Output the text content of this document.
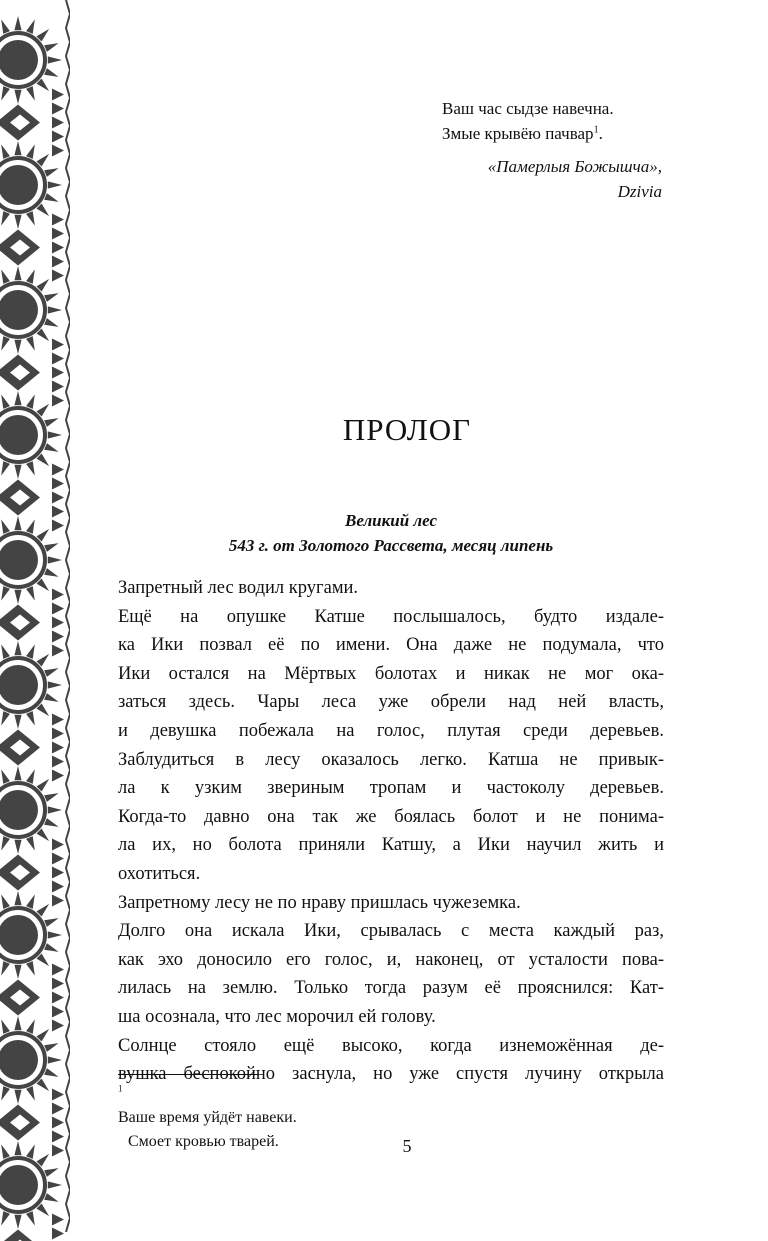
Ваш час сыдзе навечна.
Змые крывёю пачвар$^1$.
«Памерлыя Божышча»,
Dzivia
ПРОЛОГ
Великий лес
543 г. от Золотого Рассвета, месяц липень

Запретный лес водил кругами.

Ещё на опушке Катше послышалось, будто издале-
ка Ики позвал её по имени. Она даже не подумала, что
Ики остался на Мёртвых болотах и никак не мог ока-
заться здесь. Чары леса уже обрели над ней власть,
и девушка побежала на голос, плутая среди деревьев.
Заблудиться в лесу оказалось легко. Катша не привык-
ла к узким звериным тропам и частоколу деревьев.
Когда-то давно она так же боялась болот и не понима-
ла их, но болота приняли Катшу, а Ики научил жить и
охотиться.

Запретному лесу не по нраву пришлась чужеземка.

Долго она искала Ики, срывалась с места каждый раз,
как эхо доносило его голос, и, наконец, от усталости пова-
лилась на землю. Только тогда разум её прояснился: Кат-
ша осознала, что лес морочил ей голову.

Солнце стояло ещё высоко, когда изнеможённая де-
вушка беспокойно заснула, но уже спустя лучину открыла

$^1$
Ваше время уйдёт навеки.
Смоет кровью тварей.	5
